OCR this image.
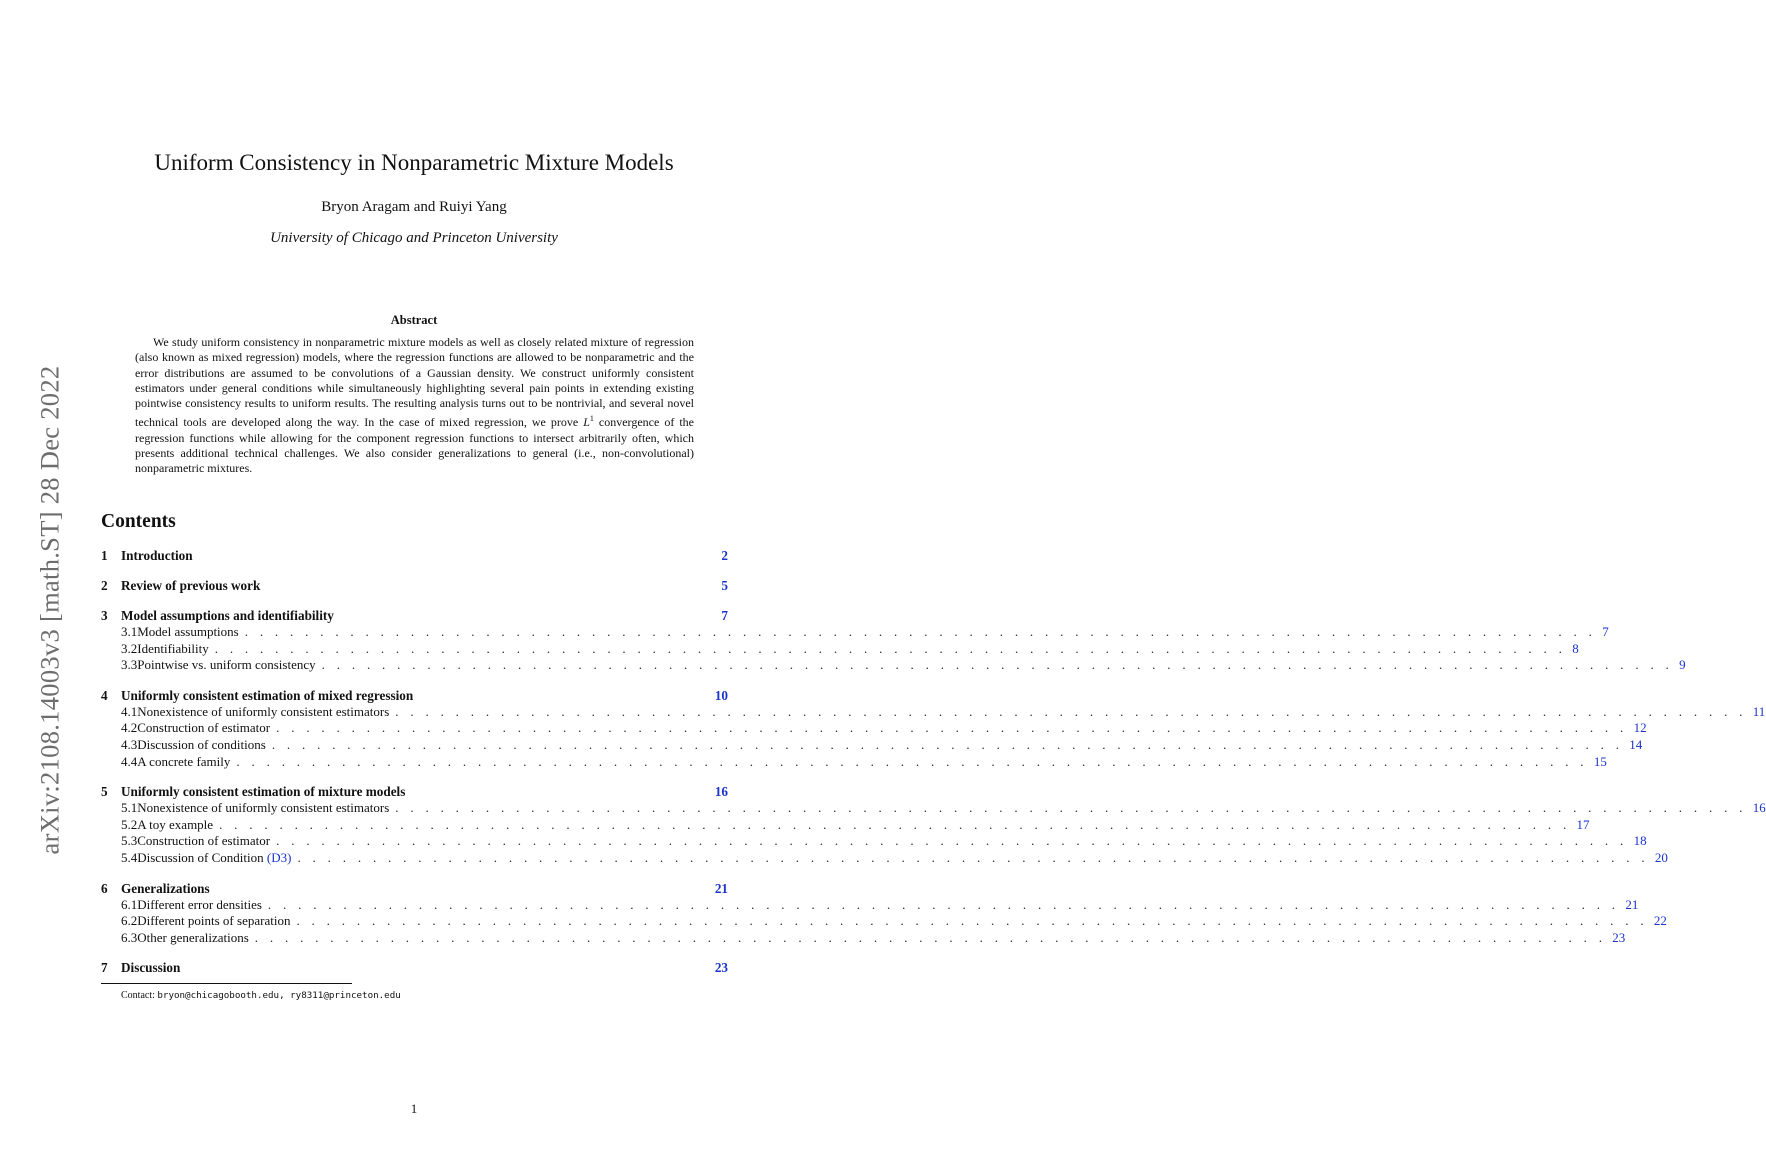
arXiv:2108.14003v3 [math.ST] 28 Dec 2022
Uniform Consistency in Nonparametric Mixture Models
Bryon Aragam and Ruiyi Yang
University of Chicago and Princeton University
Abstract
We study uniform consistency in nonparametric mixture models as well as closely related mixture of regression (also known as mixed regression) models, where the regression functions are allowed to be nonparametric and the error distributions are assumed to be convolutions of a Gaussian density. We construct uniformly consistent estimators under general conditions while simultaneously highlighting several pain points in extending existing pointwise consistency results to uniform results. The resulting analysis turns out to be nontrivial, and several novel technical tools are developed along the way. In the case of mixed regression, we prove $L^1$ convergence of the regression functions while allowing for the component regression functions to intersect arbitrarily often, which presents additional technical challenges. We also consider generalizations to general (i.e., non-convolutional) nonparametric mixtures.
Contents
1	Introduction	2
2	Review of previous work	5
3	Model assumptions and identifiability	7
3.1 Model assumptions . . . . . . . . . . . . . . . . . . . . . . . . . . . . . . . . . . . . . . . . . . . . . . . . . . . . . . . . . . . . . . . . . . . . . . . . . . . . . . . . . . . . . . . . . . 7
3.2 Identifiability . . . . . . . . . . . . . . . . . . . . . . . . . . . . . . . . . . . . . . . . . . . . . . . . . . . . . . . . . . . . . . . . . . . . . . . . . . . . . . . . . . . . . . . . . . 8
3.3 Pointwise vs. uniform consistency . . . . . . . . . . . . . . . . . . . . . . . . . . . . . . . . . . . . . . . . . . . . . . . . . . . . . . . . . . . . . . . . . . . . . . . . . . . . . . . . . . . . . . . . . . 9
4	Uniformly consistent estimation of mixed regression	10
4.1 Nonexistence of uniformly consistent estimators . . . . . . . . . . . . . . . . . . . . . . . . . . . . . . . . . . . . . . . . . . . . . . . . . . . . . . . . . . . . . . . . . . . . . . . . . . . . . . . . . . . . . . . . . . 11
4.2 Construction of estimator . . . . . . . . . . . . . . . . . . . . . . . . . . . . . . . . . . . . . . . . . . . . . . . . . . . . . . . . . . . . . . . . . . . . . . . . . . . . . . . . . . . . . . . . . . 12
4.3 Discussion of conditions . . . . . . . . . . . . . . . . . . . . . . . . . . . . . . . . . . . . . . . . . . . . . . . . . . . . . . . . . . . . . . . . . . . . . . . . . . . . . . . . . . . . . . . . . . 14
4.4 A concrete family . . . . . . . . . . . . . . . . . . . . . . . . . . . . . . . . . . . . . . . . . . . . . . . . . . . . . . . . . . . . . . . . . . . . . . . . . . . . . . . . . . . . . . . . . . 15
5	Uniformly consistent estimation of mixture models	16
5.1 Nonexistence of uniformly consistent estimators . . . . . . . . . . . . . . . . . . . . . . . . . . . . . . . . . . . . . . . . . . . . . . . . . . . . . . . . . . . . . . . . . . . . . . . . . . . . . . . . . . . . . . . . . . 16
5.2 A toy example . . . . . . . . . . . . . . . . . . . . . . . . . . . . . . . . . . . . . . . . . . . . . . . . . . . . . . . . . . . . . . . . . . . . . . . . . . . . . . . . . . . . . . . . . . 17
5.3 Construction of estimator . . . . . . . . . . . . . . . . . . . . . . . . . . . . . . . . . . . . . . . . . . . . . . . . . . . . . . . . . . . . . . . . . . . . . . . . . . . . . . . . . . . . . . . . . . 18
5.4 Discussion of Condition (D3) . . . . . . . . . . . . . . . . . . . . . . . . . . . . . . . . . . . . . . . . . . . . . . . . . . . . . . . . . . . . . . . . . . . . . . . . . . . . . . . . . . . . . . . . . . 20
6	Generalizations	21
6.1 Different error densities . . . . . . . . . . . . . . . . . . . . . . . . . . . . . . . . . . . . . . . . . . . . . . . . . . . . . . . . . . . . . . . . . . . . . . . . . . . . . . . . . . . . . . . . . . 21
6.2 Different points of separation . . . . . . . . . . . . . . . . . . . . . . . . . . . . . . . . . . . . . . . . . . . . . . . . . . . . . . . . . . . . . . . . . . . . . . . . . . . . . . . . . . . . . . . . . . 22
6.3 Other generalizations . . . . . . . . . . . . . . . . . . . . . . . . . . . . . . . . . . . . . . . . . . . . . . . . . . . . . . . . . . . . . . . . . . . . . . . . . . . . . . . . . . . . . . . . . . 23
7	Discussion	23
Contact: bryon@chicagobooth.edu, ry8311@princeton.edu
1
